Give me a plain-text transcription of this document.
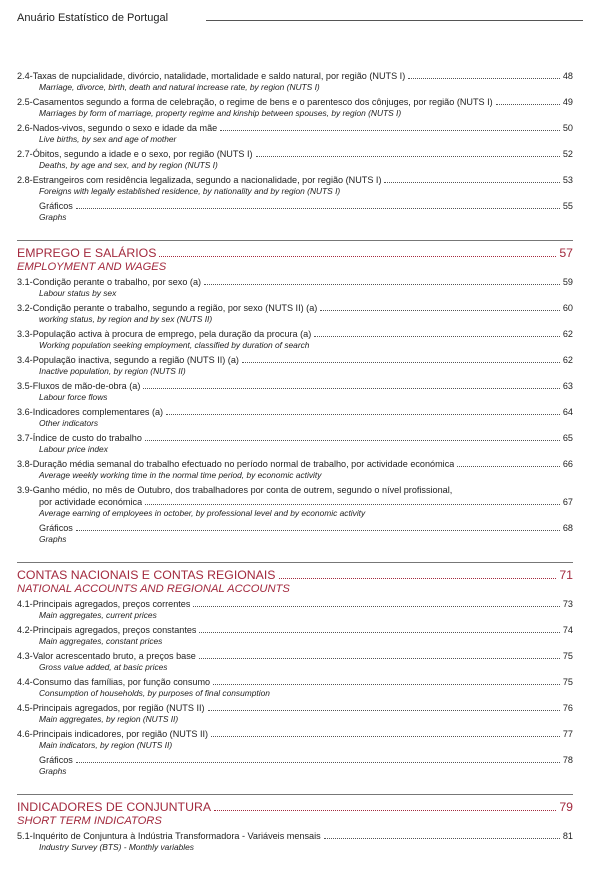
Anuário Estatístico de Portugal
2.4 - Taxas de nupcialidade, divórcio, natalidade, mortalidade e saldo natural, por região (NUTS I)	48
Marriage, divorce, birth, death and natural increase rate, by region (NUTS I)
2.5 - Casamentos segundo a forma de celebração, o regime de bens e o parentesco dos cônjuges, por região (NUTS I)	49
Marriages by form of marriage, property regime and kinship between spouses, by region (NUTS I)
2.6 - Nados-vivos, segundo o sexo e idade da mãe	50
Live births, by sex and age of mother
2.7 - Óbitos, segundo a idade e o sexo, por região (NUTS I)	52
Deaths, by age and sex, and by region (NUTS I)
2.8 - Estrangeiros com residência legalizada, segundo a nacionalidade, por região (NUTS I)	53
Foreigns with legally established residence, by nationality and by region (NUTS I)
Gráficos	55
Graphs
EMPREGO E SALÁRIOS	57
EMPLOYMENT AND WAGES
3.1 - Condição perante o trabalho, por sexo (a)	59
Labour status by sex
3.2 - Condição perante o trabalho, segundo a região, por sexo (NUTS II) (a)	60
working status, by region and by sex (NUTS II)
3.3 - População activa à procura de emprego, pela duração da procura (a)	62
Working population seeking employment, classified by duration of search
3.4 - População inactiva, segundo a região (NUTS II) (a)	62
Inactive population, by region (NUTS II)
3.5 - Fluxos de mão-de-obra (a)	63
Labour force flows
3.6 - Indicadores complementares (a)	64
Other indicators
3.7 - Índice de custo do trabalho	65
Labour price index
3.8 - Duração média semanal do trabalho efectuado no período normal de trabalho, por actividade económica	66
Average weekly working time in the normal time period, by economic activity
3.9 - Ganho médio, no mês de Outubro, dos trabalhadores por conta de outrem, segundo o nível profissional,
por actividade económica	67
Average earning of employees in october, by professional level and by economic activity
Gráficos	68
Graphs
CONTAS NACIONAIS E CONTAS REGIONAIS	71
NATIONAL ACCOUNTS AND REGIONAL ACCOUNTS
4.1 - Principais agregados, preços correntes	73
Main aggregates, current prices
4.2 - Principais agregados, preços constantes	74
Main aggregates, constant prices
4.3 - Valor acrescentado bruto, a preços base	75
Gross value added, at basic prices
4.4 - Consumo das famílias, por função consumo	75
Consumption of households, by purposes of final consumption
4.5 - Principais agregados, por região (NUTS II)	76
Main aggregates, by region (NUTS II)
4.6 - Principais indicadores, por região (NUTS II)	77
Main indicators, by region (NUTS II)
Gráficos	78
Graphs
INDICADORES DE CONJUNTURA	79
SHORT TERM INDICATORS
5.1 - Inquérito de Conjuntura à Indústria Transformadora - Variáveis mensais	81
Industry Survey (BTS) - Monthly variables
